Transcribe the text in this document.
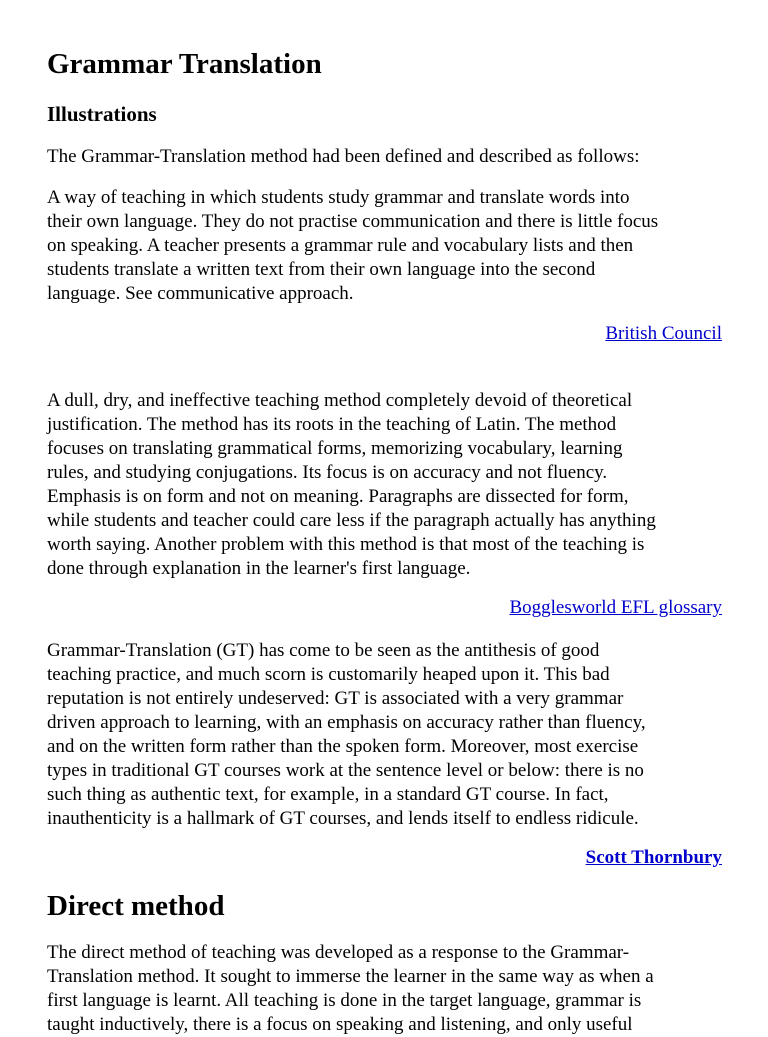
Grammar Translation
Illustrations

The Grammar-Translation method had been defined and described as follows:

A way of teaching in which students study grammar and translate words into
their own language. They do not practise communication and there is little focus
on speaking. A teacher presents a grammar rule and vocabulary lists and then
students translate a written text from their own language into the second
language. See communicative approach.

British Council

A dull, dry, and ineffective teaching method completely devoid of theoretical
justification. The method has its roots in the teaching of Latin. The method
focuses on translating grammatical forms, memorizing vocabulary, learning
rules, and studying conjugations. Its focus is on accuracy and not fluency.
Emphasis is on form and not on meaning. Paragraphs are dissected for form,
while students and teacher could care less if the paragraph actually has anything
worth saying. Another problem with this method is that most of the teaching is
done through explanation in the learner's first language.

Bogglesworld EFL glossary

Grammar-Translation (GT) has come to be seen as the antithesis of good
teaching practice, and much scorn is customarily heaped upon it. This bad
reputation is not entirely undeserved: GT is associated with a very grammar
driven approach to learning, with an emphasis on accuracy rather than fluency,
and on the written form rather than the spoken form. Moreover, most exercise
types in traditional GT courses work at the sentence level or below: there is no
such thing as authentic text, for example, in a standard GT course. In fact,
inauthenticity is a hallmark of GT courses, and lends itself to endless ridicule.

Scott Thornbury
Direct method

The direct method of teaching was developed as a response to the Grammar-
Translation method. It sought to immerse the learner in the same way as when a
first language is learnt. All teaching is done in the target language, grammar is
taught inductively, there is a focus on speaking and listening, and only useful
